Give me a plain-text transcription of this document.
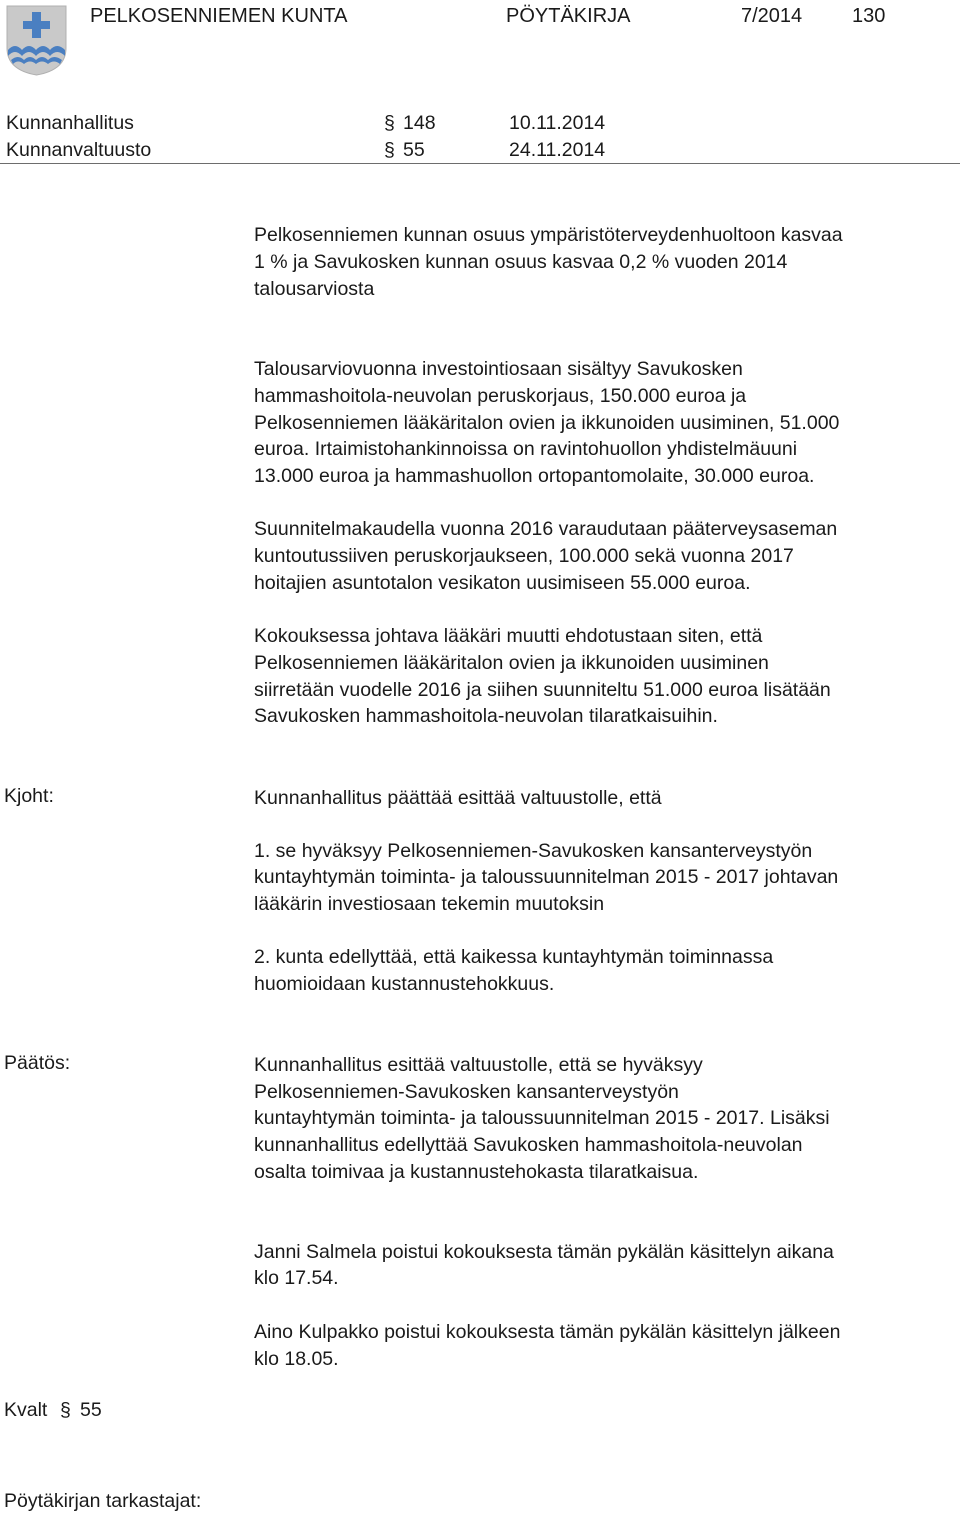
PELKOSENNIEMEN KUNTA	PÖYTÄKIRJA	7/2014 130
Kunnanhallitus	§ 148	10.11.2014
Kunnanvaltuusto	§ 55	24.11.2014
Pelkosenniemen kunnan osuus ympäristöterveydenhuoltoon kasvaa
1 % ja Savukosken kunnan osuus kasvaa 0,2 % vuoden 2014
talousarviosta
Talousarviovuonna investointiosaan sisältyy Savukosken
hammashoitola-neuvolan peruskorjaus, 150.000 euroa ja
Pelkosenniemen lääkäritalon ovien ja ikkunoiden uusiminen, 51.000
euroa. Irtaimistohankinnoissa on ravintohuollon yhdistelmäuuni
13.000 euroa ja hammashuollon ortopantomolaite, 30.000 euroa.
Suunnitelmakaudella vuonna 2016 varaudutaan pääterveysaseman
kuntoutussiiven peruskorjaukseen, 100.000 sekä vuonna 2017
hoitajien asuntotalon vesikaton uusimiseen 55.000 euroa.
Kokouksessa johtava lääkäri muutti ehdotustaan siten, että
Pelkosenniemen lääkäritalon ovien ja ikkunoiden uusiminen
siirretään vuodelle 2016 ja siihen suunniteltu 51.000 euroa lisätään
Savukosken hammashoitola-neuvolan tilaratkaisuihin.
Kjoht:	Kunnanhallitus päättää esittää valtuustolle, että
1. se hyväksyy Pelkosenniemen-Savukosken kansanterveystyön
kuntayhtymän toiminta- ja taloussuunnitelman 2015 - 2017 johtavan
lääkärin investiosaan tekemin muutoksin
2. kunta edellyttää, että kaikessa kuntayhtymän toiminnassa
huomioidaan kustannustehokkuus.
Päätös:	Kunnanhallitus esittää valtuustolle, että se hyväksyy
Pelkosenniemen-Savukosken kansanterveystyön
kuntayhtymän toiminta- ja taloussuunnitelman 2015 - 2017. Lisäksi
kunnanhallitus edellyttää Savukosken hammashoitola-neuvolan
osalta toimivaa ja kustannustehokasta tilaratkaisua.
Janni Salmela poistui kokouksesta tämän pykälän käsittelyn aikana
klo 17.54.
Aino Kulpakko poistui kokouksesta tämän pykälän käsittelyn jälkeen
klo 18.05.
Kvalt § 55
Pöytäkirjan tarkastajat:
